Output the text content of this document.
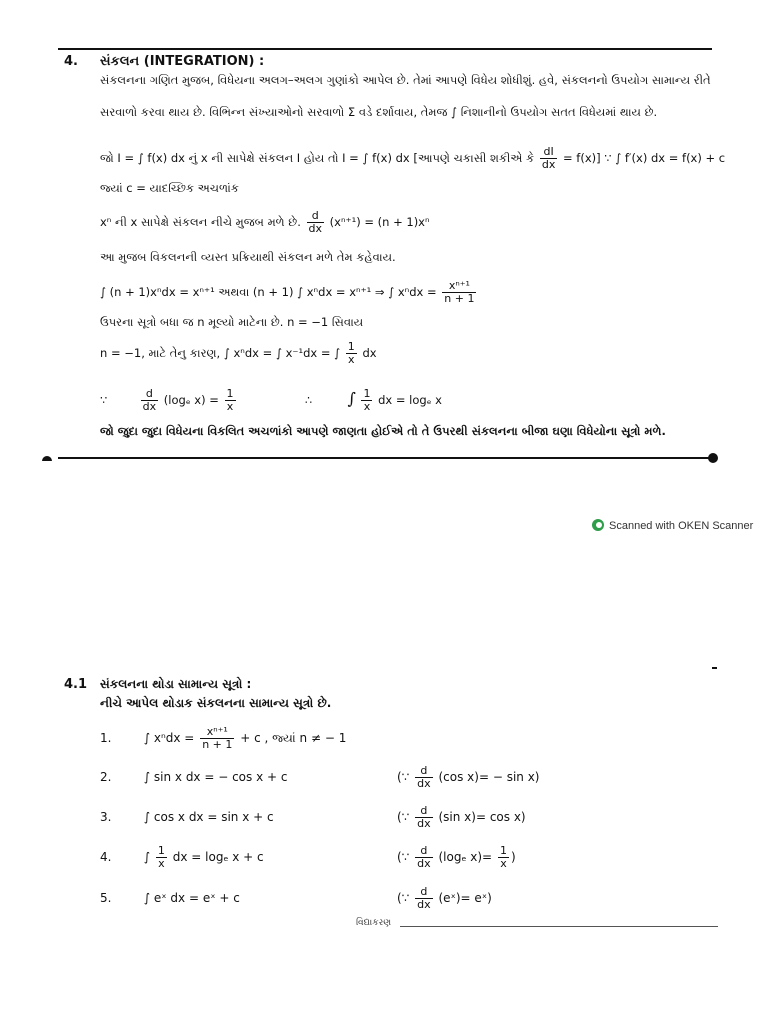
4. સંકલન (INTEGRATION) :
સંકલનના ગણિત મુજબ, વિધેયના અલગ–અલગ ગુણાંકો આપેલ છે. તેમાં આપણે વિધેય શોધીશું. હવે, સંકલનનો ઉપયોગ સામાન્ય રીતે
સરવાળો કરવા થાય છે. વિભિન્ન સંખ્યાઓનો સરવાળો Σ વડે દર્શાવાય, તેમજ ∫ નિશાનીનો ઉપયોગ સતત વિધેયમાં થાય છે.
જો I = ∫ f(x) dx નું x ની સાપેક્ષે સંકલન I હોય તો I = ∫ f(x) dx [આપણે ચકાસી શકીએ કે $\frac{dI}{dx} = f(x)$] ∵ ∫ f′(x) dx = f(x) + c
જ્યાં c = યાદચ્છિક અચળાંક
xⁿ ની x સાપેક્ષે સંકલન નીચે મુજબ મળે છે. $\frac{d}{dx} (x^{n+1}) = (n + 1)x^n$
આ મુજબ વિકલનની વ્યસ્ત પ્રક્રિયાથી સંકલન મળે તેમ કહેવાય.
∫ (n + 1)xⁿdx = xⁿ⁺¹ અથવા (n + 1) ∫ xⁿdx = xⁿ⁺¹ ⇒ ∫ $x^ndx = \frac{\text{xⁿ⁺¹}}{n + 1}$
ઉપરના સૂત્રો બધા જ n મૂલ્યો માટેના છે. n = −1 સિવાય
n = −1, માટે તેનુ કારણ, ∫ xⁿdx = ∫ x⁻¹dx = ∫ $\frac{1}{x}$ dx
∵	$\frac{d}{dx} (\log_e$ $x) = \frac{1}{x}$	∴ ∫ $\frac{1}{x}$ dx = logₑ x
જો જુદા જુદા વિધેયના વિકલિત અચળાંકો આપણે જાણતા હોઈએ તો તે ઉપરથી સંકલનના બીજા ઘણા વિધેયોના સૂત્રો મળે.
Scanned with OKEN Scanner
4.1 સંકલનના થોડા સામાન્ય સૂત્રો :
નીચે આપેલ થોડાક સંકલનના સામાન્ય સૂત્રો છે.
1.	∫ $x^ndx = \frac{\text{xⁿ⁺¹}}{n + 1} + c$ , જ્યાં n ≠ − 1
2.	∫ sin x dx = − cos x + c	(∵ $\frac{d}{dx} (\cos$ x)= − sin x)
3.	∫ cos x dx = sin x + c	(∵ $\frac{d}{dx} (\sin$ x)= cos x)
4.	∫ $\frac{1}{x}$ dx = logₑ x + c	(∵ $\frac{d}{dx} (\log_e$ $x)= \frac{1}{x}$ )
5.	∫ eˣ dx = eˣ + c	(∵ $\frac{d}{dx}$ (eˣ)= eˣ)
વિદ્યાકરણ
